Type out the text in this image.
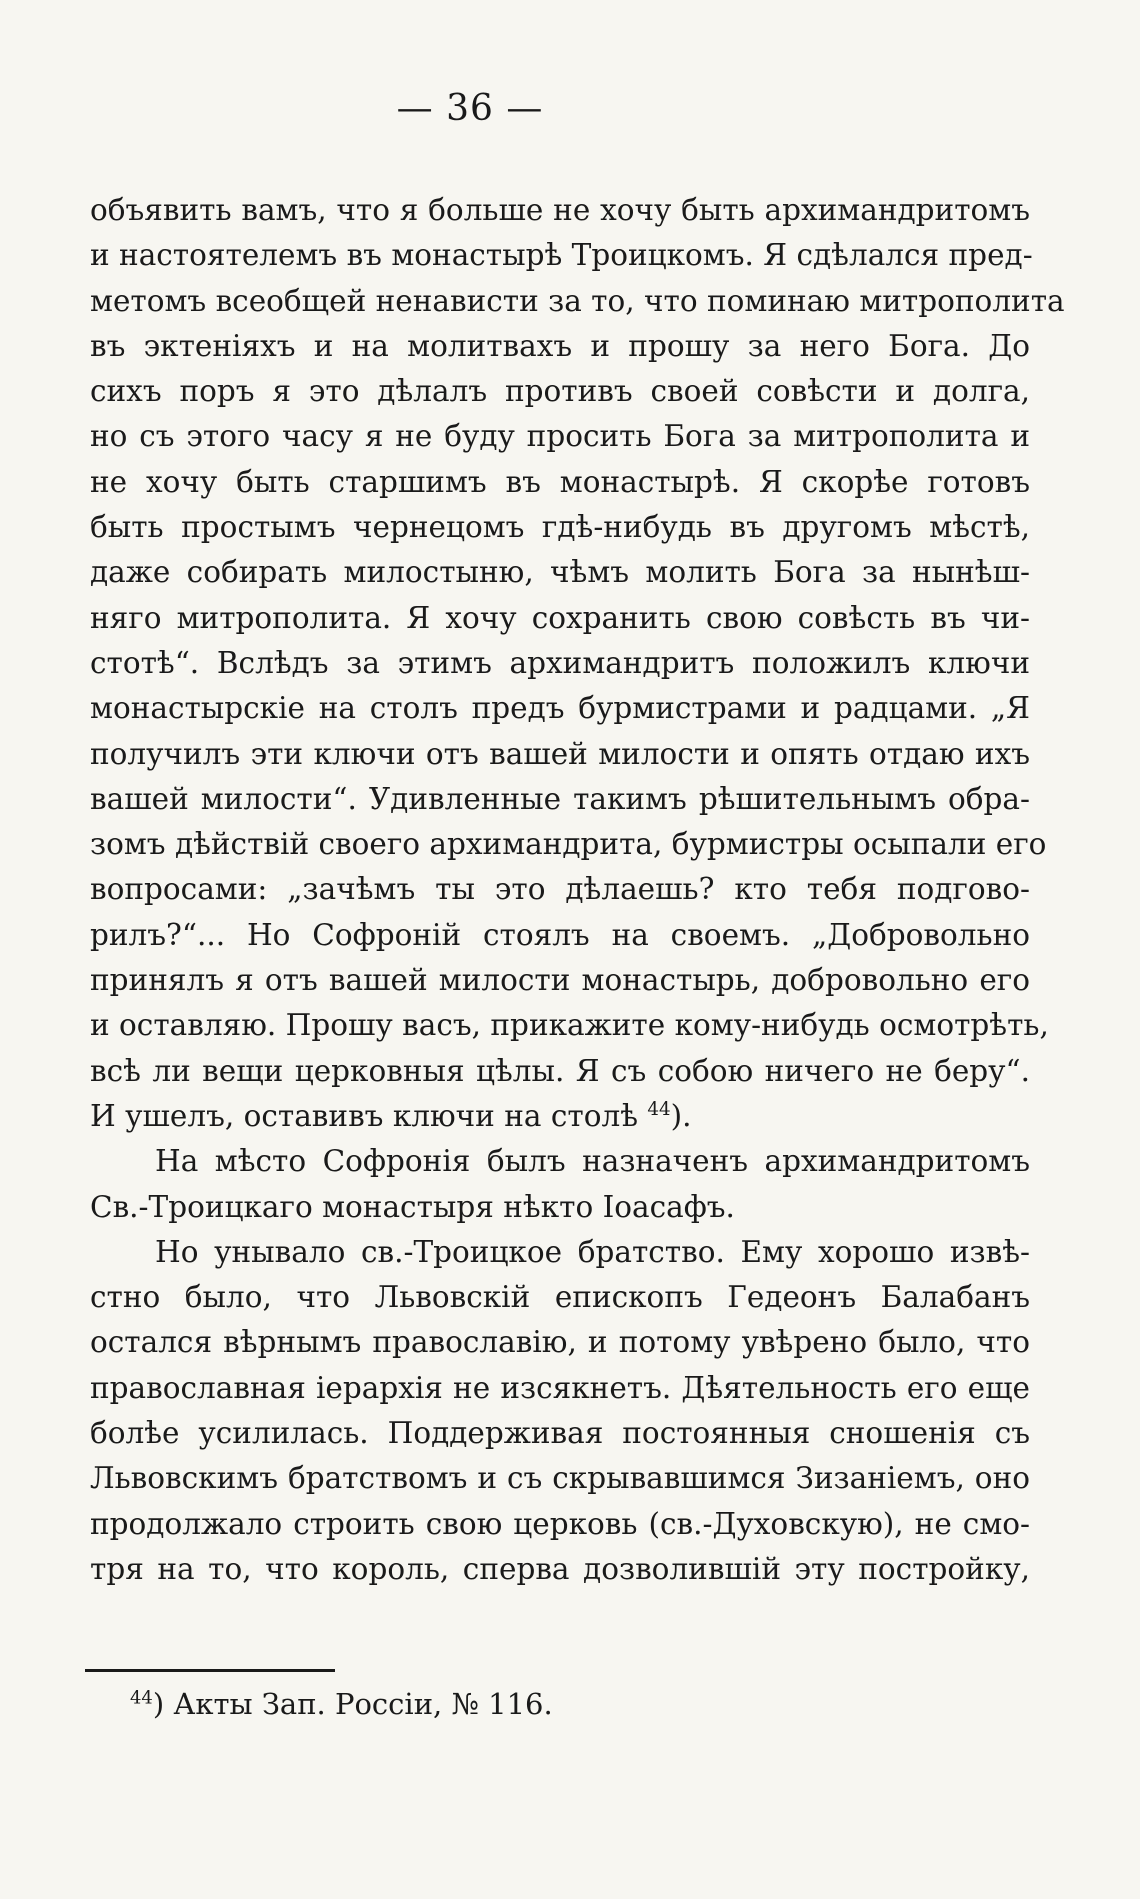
— 36 —
объявить вамъ, что я больше не хочу быть архимандритомъ
и настоятелемъ въ монастырѣ Троицкомъ. Я сдѣлался пред-
метомъ всеобщей ненависти за то, что поминаю митрополита
въ эктеніяхъ и на молитвахъ и прошу за него Бога. До
сихъ поръ я это дѣлалъ противъ своей совѣсти и долга,
но съ этого часу я не буду просить Бога за митрополита и
не хочу быть старшимъ въ монастырѣ. Я скорѣе готовъ
быть простымъ чернецомъ гдѣ-нибудь въ другомъ мѣстѣ,
даже собирать милостыню, чѣмъ молить Бога за нынѣш-
няго митрополита. Я хочу сохранить свою совѣсть въ чи-
стотѣ“. Вслѣдъ за этимъ архимандритъ положилъ ключи
монастырскіе на столъ предъ бурмистрами и радцами. „Я
получилъ эти ключи отъ вашей милости и опять отдаю ихъ
вашей милости“. Удивленные такимъ рѣшительнымъ обра-
зомъ дѣйствій своего архимандрита, бурмистры осыпали его
вопросами: „зачѣмъ ты это дѣлаешь? кто тебя подгово-
рилъ?“... Но Софроній стоялъ на своемъ. „Добровольно
принялъ я отъ вашей милости монастырь, добровольно его
и оставляю. Прошу васъ, прикажите кому-нибудь осмотрѣть,
всѣ ли вещи церковныя цѣлы. Я съ собою ничего не беру“.
И ушелъ, оставивъ ключи на столѣ $^{44}$).
На мѣсто Софронія былъ назначенъ архимандритомъ
Св.-Троицкаго монастыря нѣкто Іоасафъ.
Но унывало св.-Троицкое братство. Ему хорошо извѣ-
стно было, что Львовскій епископъ Гедеонъ Балабанъ
остался вѣрнымъ православію, и потому увѣрено было, что
православная іерархія не изсякнетъ. Дѣятельность его еще
болѣе усилилась. Поддерживая постоянныя сношенія съ
Львовскимъ братствомъ и съ скрывавшимся Зизаніемъ, оно
продолжало строить свою церковь (св.-Духовскую), не смо-
тря на то, что король, сперва дозволившій эту постройку,
$^{44}$) Акты Зап. Россіи, № 116.
